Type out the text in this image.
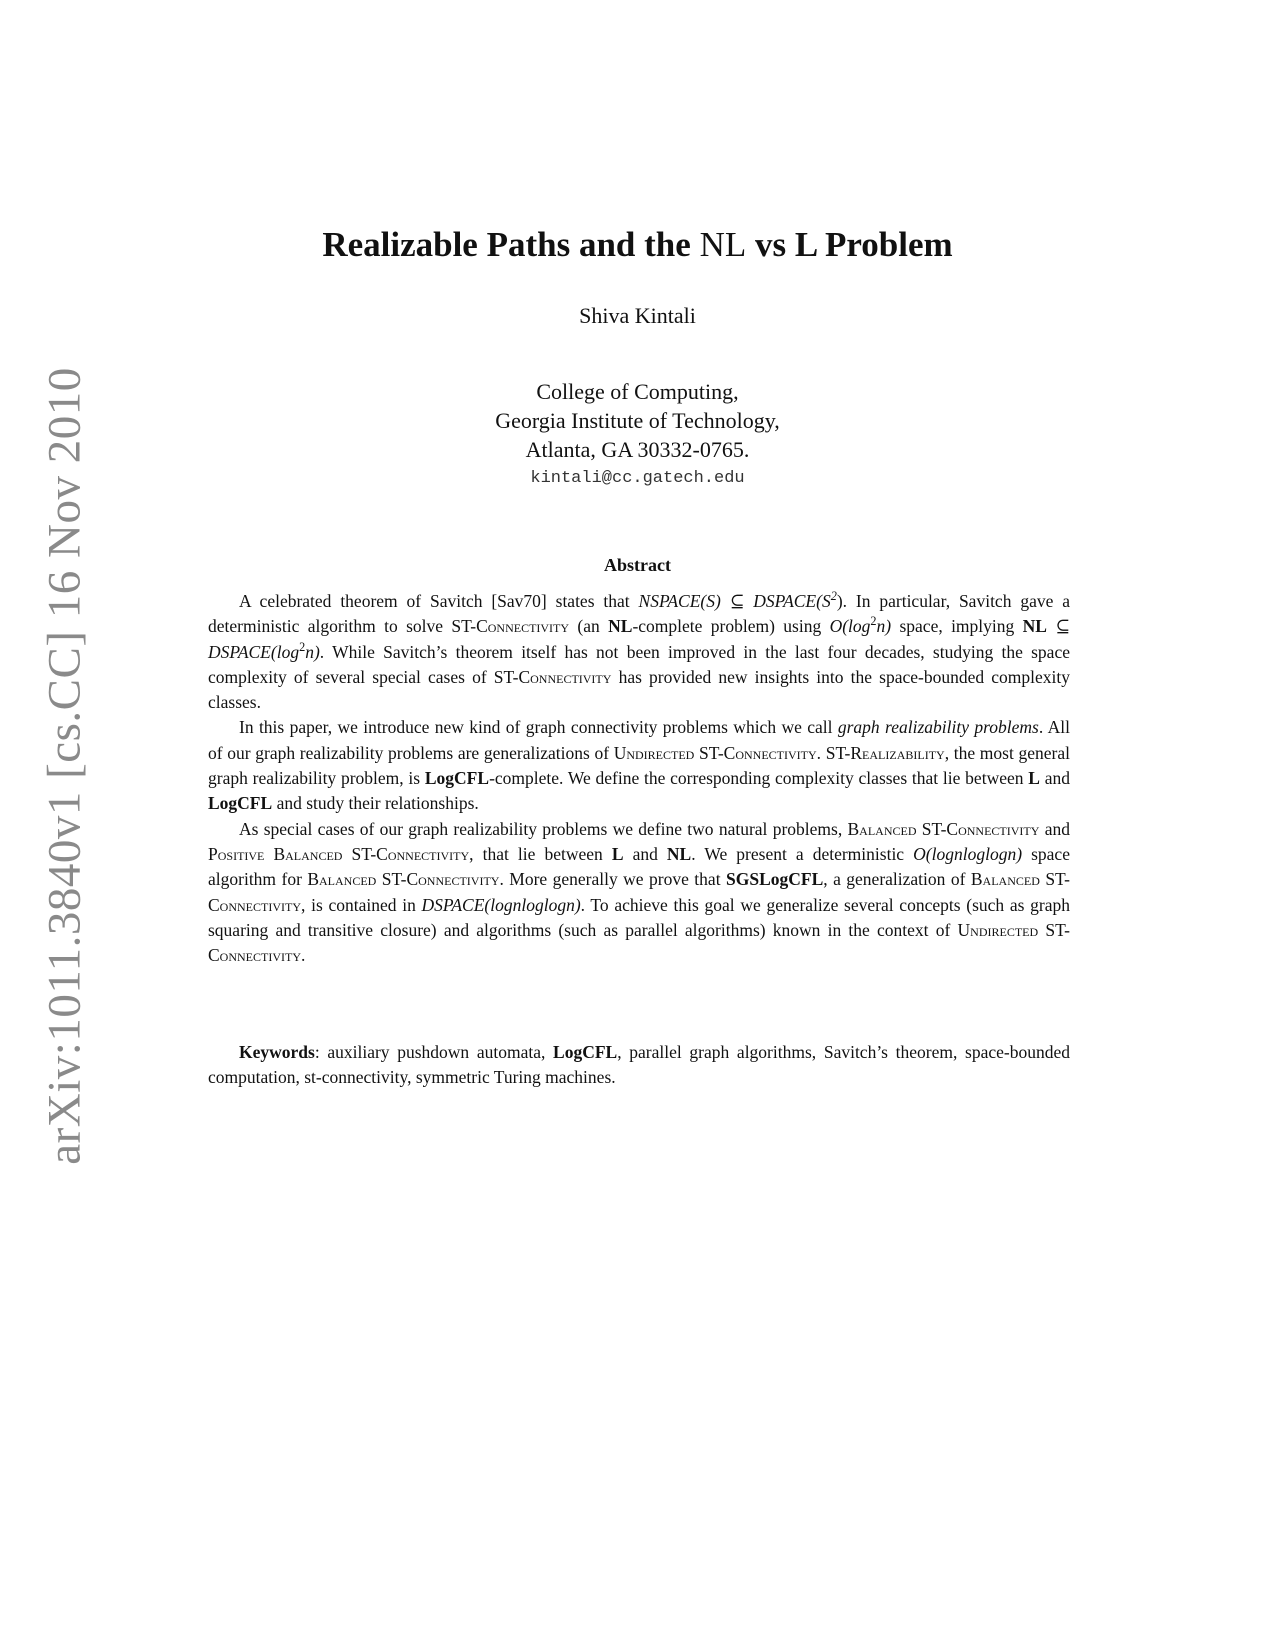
arXiv:1011.3840v1 [cs.CC] 16 Nov 2010
Realizable Paths and the NL vs L Problem
Shiva Kintali
College of Computing,
Georgia Institute of Technology,
Atlanta, GA 30332-0765.
kintali@cc.gatech.edu
Abstract

A celebrated theorem of Savitch [Sav70] states that NSPACE(S) ⊆ $DSPACE(S^2)$. In particular, Savitch gave a deterministic algorithm to solve ST-Connectivity (an NL-complete problem) using $O(\log^2n)$ space, implying NL ⊆ $DSPACE(\log^2n)$. While Savitch’s theorem itself has not been improved in the last four decades, studying the space complexity of several special cases of ST-Connectivity has provided new insights into the space-bounded complexity classes.

In this paper, we introduce new kind of graph connectivity problems which we call graph realizability problems. All of our graph realizability problems are generalizations of Undirected ST-Connectivity. ST-Realizability, the most general graph realizability problem, is LogCFL-complete. We define the corresponding complexity classes that lie between L and LogCFL and study their relationships.

As special cases of our graph realizability problems we define two natural problems, Balanced ST-Connectivity and Positive Balanced ST-Connectivity, that lie between L and NL. We present a deterministic O(lognloglogn) space algorithm for Balanced ST-Connectivity. More generally we prove that SGSLogCFL, a generalization of Balanced ST-Connectivity, is contained in DSPACE(lognloglogn). To achieve this goal we generalize several concepts (such as graph squaring and transitive closure) and algorithms (such as parallel algorithms) known in the context of Undirected ST-Connectivity.

Keywords: auxiliary pushdown automata, LogCFL, parallel graph algorithms, Savitch’s theorem, space-bounded computation, st-connectivity, symmetric Turing machines.
